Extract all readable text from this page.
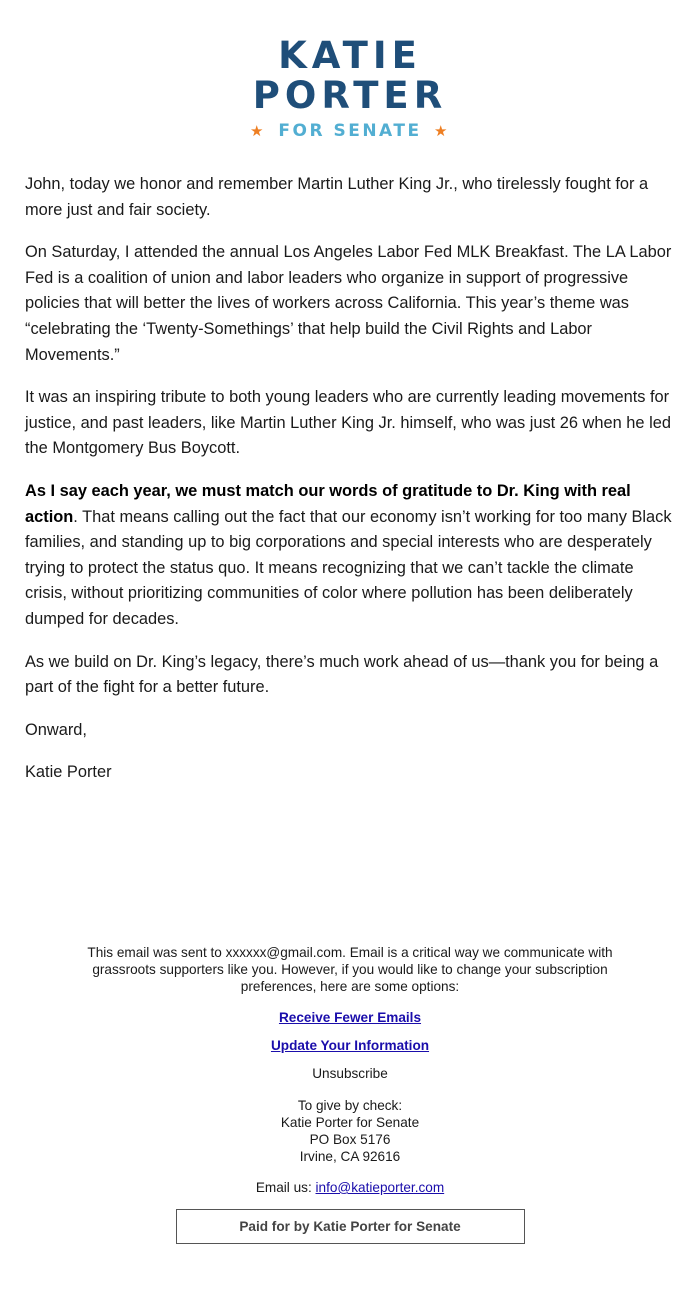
KATIE
PORTER
★ FOR SENATE ★

John, today we honor and remember Martin Luther King Jr., who tirelessly fought for a more just and fair society.

On Saturday, I attended the annual Los Angeles Labor Fed MLK Breakfast. The LA Labor Fed is a coalition of union and labor leaders who organize in support of progressive policies that will better the lives of workers across California. This year’s theme was “celebrating the ‘Twenty-Somethings’ that help build the Civil Rights and Labor Movements.”

It was an inspiring tribute to both young leaders who are currently leading movements for justice, and past leaders, like Martin Luther King Jr. himself, who was just 26 when he led the Montgomery Bus Boycott.

As I say each year, we must match our words of gratitude to Dr. King with real action. That means calling out the fact that our economy isn’t working for too many Black families, and standing up to big corporations and special interests who are desperately trying to protect the status quo. It means recognizing that we can’t tackle the climate crisis, without prioritizing communities of color where pollution has been deliberately dumped for decades.

As we build on Dr. King’s legacy, there’s much work ahead of us—thank you for being a part of the fight for a better future.

Onward,

Katie Porter

This email was sent to xxxxxx@gmail.com. Email is a critical way we communicate with grassroots supporters like you. However, if you would like to change your subscription preferences, here are some options:

Receive Fewer Emails

Update Your Information

Unsubscribe

To give by check:

Katie Porter for Senate

PO Box 5176

Irvine, CA 92616

Email us: info@katieporter.com

Paid for by Katie Porter for Senate
